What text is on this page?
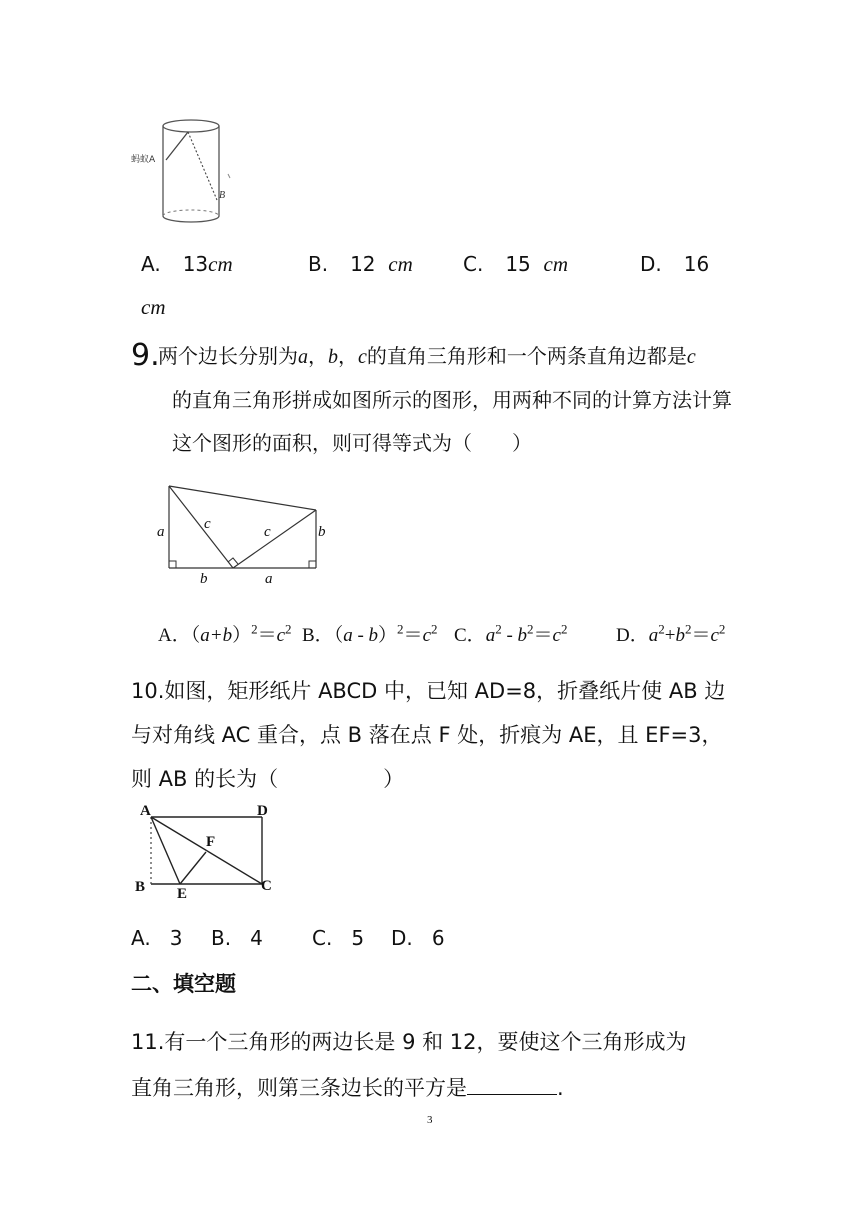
蚂蚁A
B
A. 13cm	B. 12 cm	C. 15 cm	D. 16
cm
9.
两个边长分别为a，b，c的直角三角形和一个两条直角边都是c
的直角三角形拼成如图所示的图形，用两种不同的计算方法计算
这个图形的面积，则可得等式为（　　）
a	c	c	b
b	a
A．$(a+b)^2=c^2$ B．$(a - b)^2=c^2$ C．$a^2 - b^2=c^2$	D．$a^2+b^2=c^2$
10.如图，矩形纸片 ABCD 中，已知 AD=8，折叠纸片使 AB 边
与对角线 AC 重合，点 B 落在点 F 处，折痕为 AE，且 EF=3，
则 AB 的长为（　　　　　）
A	D
F
B E	C
A. 3 B. 4 C. 5 D. 6
二、填空题
11.有一个三角形的两边长是 9 和 12，要使这个三角形成为
直角三角形，则第三条边长的平方是	.
3
